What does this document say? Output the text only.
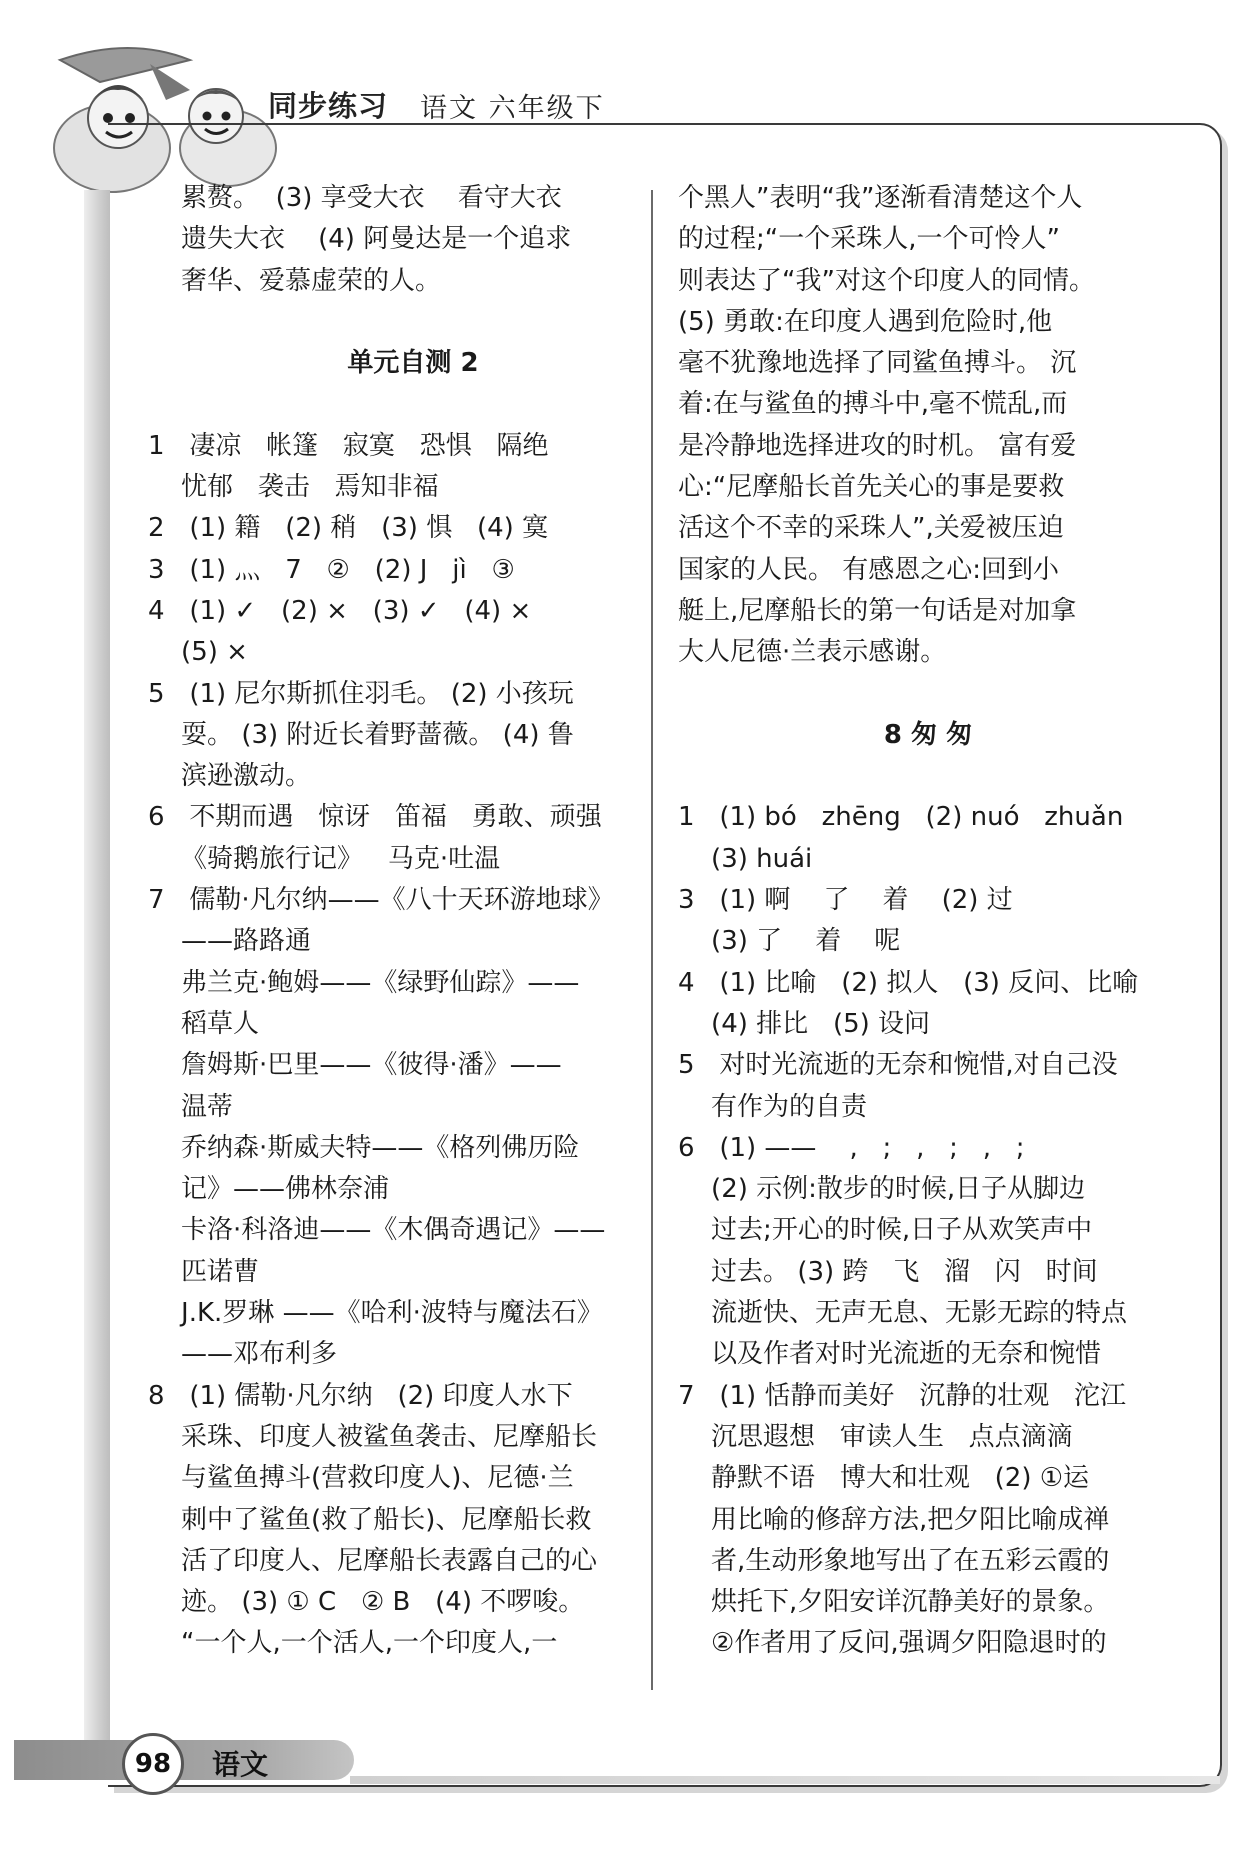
同步练习 语文 六年级下
累赘。  (3) 享受大衣    看守大衣
遗失大衣    (4) 阿曼达是一个追求
奢华、爱慕虚荣的人。
单元自测 2
1   凄凉   帐篷   寂寞   恐惧   隔绝
忧郁   袭击   焉知非福
2   (1) 籍   (2) 稍   (3) 惧   (4) 寞
3   (1) 灬   7   ②   (2) J   jì   ③
4   (1) ✓   (2) ×   (3) ✓   (4) ×
(5) ×
5   (1) 尼尔斯抓住羽毛。 (2) 小孩玩
耍。 (3) 附近长着野蔷薇。 (4) 鲁
滨逊激动。
6   不期而遇   惊讶   笛福   勇敢、顽强
《骑鹅旅行记》   马克·吐温
7   儒勒·凡尔纳——《八十天环游地球》
——路路通
弗兰克·鲍姆——《绿野仙踪》——
稻草人
詹姆斯·巴里——《彼得·潘》——
温蒂
乔纳森·斯威夫特——《格列佛历险
记》——佛林奈浦
卡洛·科洛迪——《木偶奇遇记》——
匹诺曹
J.K.罗琳 ——《哈利·波特与魔法石》
——邓布利多
8   (1) 儒勒·凡尔纳   (2) 印度人水下
采珠、印度人被鲨鱼袭击、尼摩船长
与鲨鱼搏斗(营救印度人)、尼德·兰
刺中了鲨鱼(救了船长)、尼摩船长救
活了印度人、尼摩船长表露自己的心
迹。 (3) ① C   ② B   (4) 不啰唆。
“一个人,一个活人,一个印度人,一
个黑人”表明“我”逐渐看清楚这个人
的过程;“一个采珠人,一个可怜人”
则表达了“我”对这个印度人的同情。
(5) 勇敢:在印度人遇到危险时,他
毫不犹豫地选择了同鲨鱼搏斗。 沉
着:在与鲨鱼的搏斗中,毫不慌乱,而
是冷静地选择进攻的时机。 富有爱
心:“尼摩船长首先关心的事是要救
活这个不幸的采珠人”,关爱被压迫
国家的人民。 有感恩之心:回到小
艇上,尼摩船长的第一句话是对加拿
大人尼德·兰表示感谢。
8 匆 匆
1   (1) bó   zhēng   (2) nuó   zhuǎn
(3) huái
3   (1) 啊    了    着    (2) 过
(3) 了    着    呢
4   (1) 比喻   (2) 拟人   (3) 反问、比喻
(4) 排比   (5) 设问
5   对时光流逝的无奈和惋惜,对自己没
有作为的自责
6   (1) ——    ,   ;   ,   ;   ,   ;
(2) 示例:散步的时候,日子从脚边
过去;开心的时候,日子从欢笑声中
过去。 (3) 跨   飞   溜   闪   时间
流逝快、无声无息、无影无踪的特点
以及作者对时光流逝的无奈和惋惜
7   (1) 恬静而美好   沉静的壮观   沱江
沉思遐想   审读人生   点点滴滴
静默不语   博大和壮观   (2) ①运
用比喻的修辞方法,把夕阳比喻成禅
者,生动形象地写出了在五彩云霞的
烘托下,夕阳安详沉静美好的景象。
②作者用了反问,强调夕阳隐退时的
98	语文
